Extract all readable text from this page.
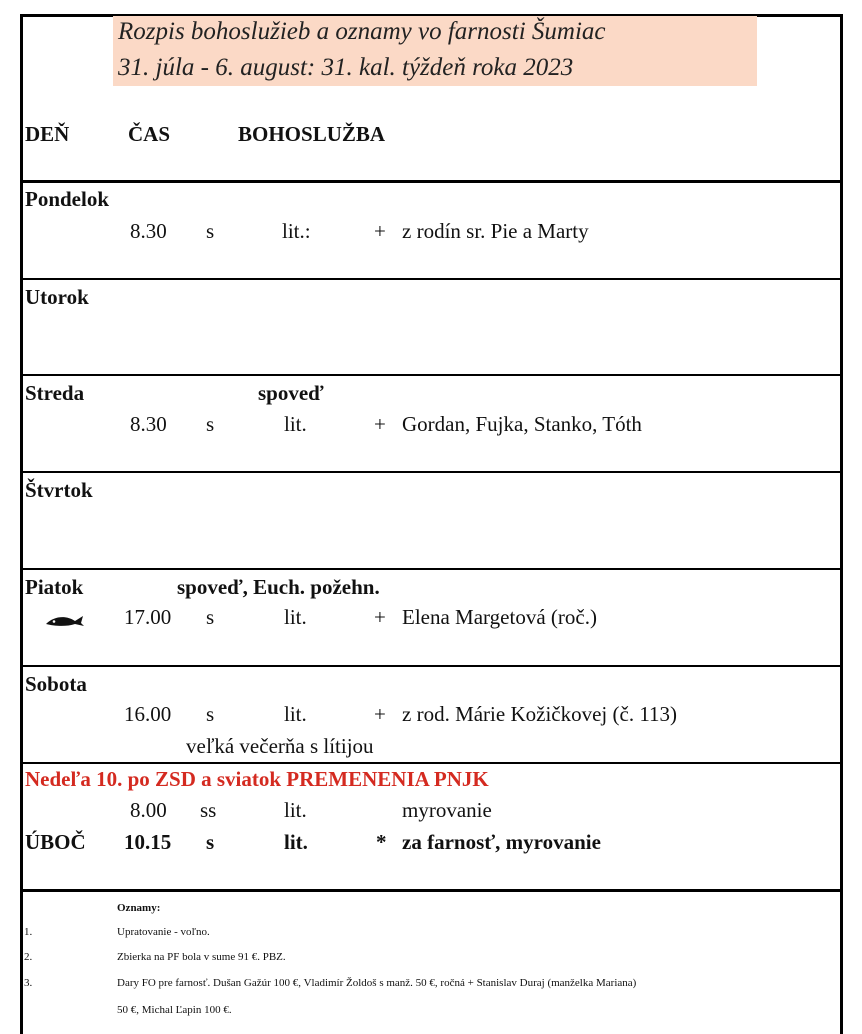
Rozpis bohoslužieb a oznamy vo farnosti Šumiac
31. júla - 6. august: 31. kal. týždeň roka 2023
DEŇ	ČAS	BOHOSLUŽBA
Pondelok
8.30 s	lit.:	+ z rodín sr. Pie a Marty
Utorok
Streda	spoveď
8.30 s	lit.	+ Gordan, Fujka, Stanko, Tóth
Štvrtok
Piatok	spoveď, Euch. požehn.
17.00 s	lit.	+ Elena Margetová (roč.)
Sobota
16.00 s	lit.	+ z rod. Márie Kožičkovej (č. 113)
veľká večerňa s lítijou
Nedeľa 10. po ZSD a sviatok PREMENENIA PNJK
8.00 ss	lit.	myrovanie
ÚBOČ 10.15 s	lit.	* za farnosť, myrovanie
Oznamy:
1.	Upratovanie - voľno.
2.	Zbierka na PF bola v sume 91 €. PBZ.
3.	Dary FO pre farnosť. Dušan Gažúr 100 €, Vladimír Žoldoš s manž. 50 €, ročná + Stanislav Duraj (manželka Mariana)
50 €, Michal Ľapin 100 €.
